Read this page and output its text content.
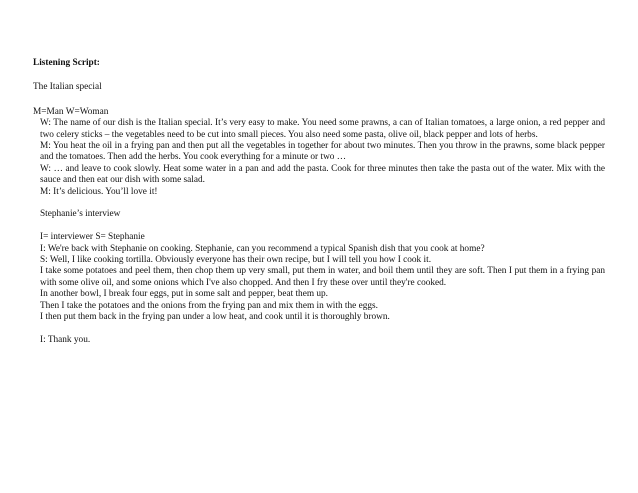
Listening Script:

The Italian special

M=Man W=Woman

W: The name of our dish is the Italian special. It’s very easy to make. You need some prawns, a can of Italian tomatoes, a large onion, a red pepper and two celery sticks – the vegetables need to be cut into small pieces. You also need some pasta, olive oil, black pepper and lots of herbs.

M: You heat the oil in a frying pan and then put all the vegetables in together for about two minutes. Then you throw in the prawns, some black pepper and the tomatoes. Then add the herbs. You cook everything for a minute or two …

W: … and leave to cook slowly. Heat some water in a pan and add the pasta. Cook for three minutes then take the pasta out of the water. Mix with the sauce and then eat our dish with some salad.

M: It’s delicious. You’ll love it!

Stephanie’s interview

I= interviewer S= Stephanie

I: We're back with Stephanie on cooking. Stephanie, can you recommend a typical Spanish dish that you cook at home?

S: Well, I like cooking tortilla. Obviously everyone has their own recipe, but I will tell you how I cook it.

I take some potatoes and peel them, then chop them up very small, put them in water, and boil them until they are soft. Then I put them in a frying pan with some olive oil, and some onions which I've also chopped. And then I fry these over until they're cooked.

In another bowl, I break four eggs, put in some salt and pepper, beat them up.

Then I take the potatoes and the onions from the frying pan and mix them in with the eggs.

I then put them back in the frying pan under a low heat, and cook until it is thoroughly brown.

I: Thank you.
